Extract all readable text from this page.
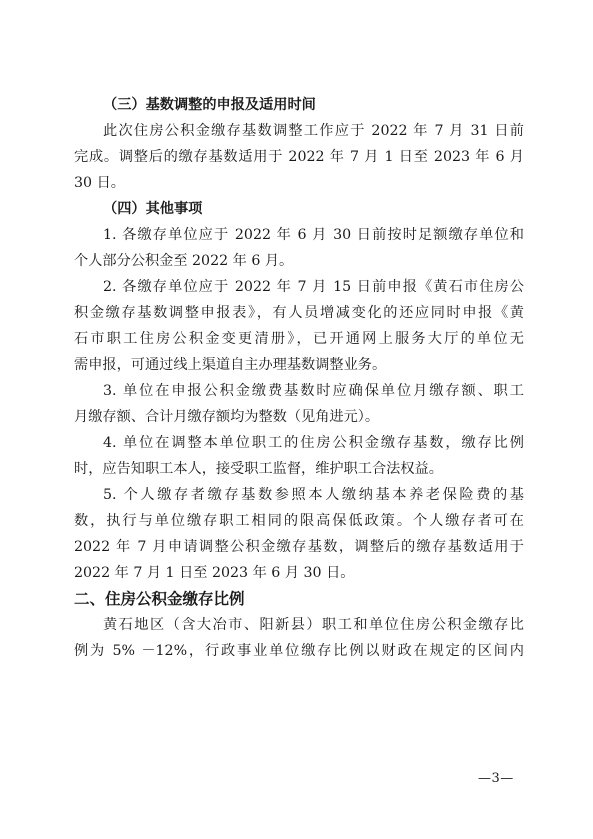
（三）基数调整的申报及适用时间
此次住房公积金缴存基数调整工作应于 2022 年 7 月 31 日前
完成。调整后的缴存基数适用于 2022 年 7 月 1 日至 2023 年 6 月
30 日。
（四）其他事项
1. 各缴存单位应于 2022 年 6 月 30 日前按时足额缴存单位和
个人部分公积金至 2022 年 6 月。
2. 各缴存单位应于 2022 年 7 月 15 日前申报《黄石市住房公
积金缴存基数调整申报表》，有人员增减变化的还应同时申报《黄
石市职工住房公积金变更清册》，已开通网上服务大厅的单位无
需申报，可通过线上渠道自主办理基数调整业务。
3. 单位在申报公积金缴费基数时应确保单位月缴存额、职工
月缴存额、合计月缴存额均为整数（见角进元）。
4. 单位在调整本单位职工的住房公积金缴存基数，缴存比例
时，应告知职工本人，接受职工监督，维护职工合法权益。
5. 个人缴存者缴存基数参照本人缴纳基本养老保险费的基
数，执行与单位缴存职工相同的限高保低政策。个人缴存者可在
2022 年 7 月申请调整公积金缴存基数，调整后的缴存基数适用于
2022 年 7 月 1 日至 2023 年 6 月 30 日。
二、住房公积金缴存比例
黄石地区（含大冶市、阳新县）职工和单位住房公积金缴存比
例为 5% －12%，行政事业单位缴存比例以财政在规定的区间内
—3—
